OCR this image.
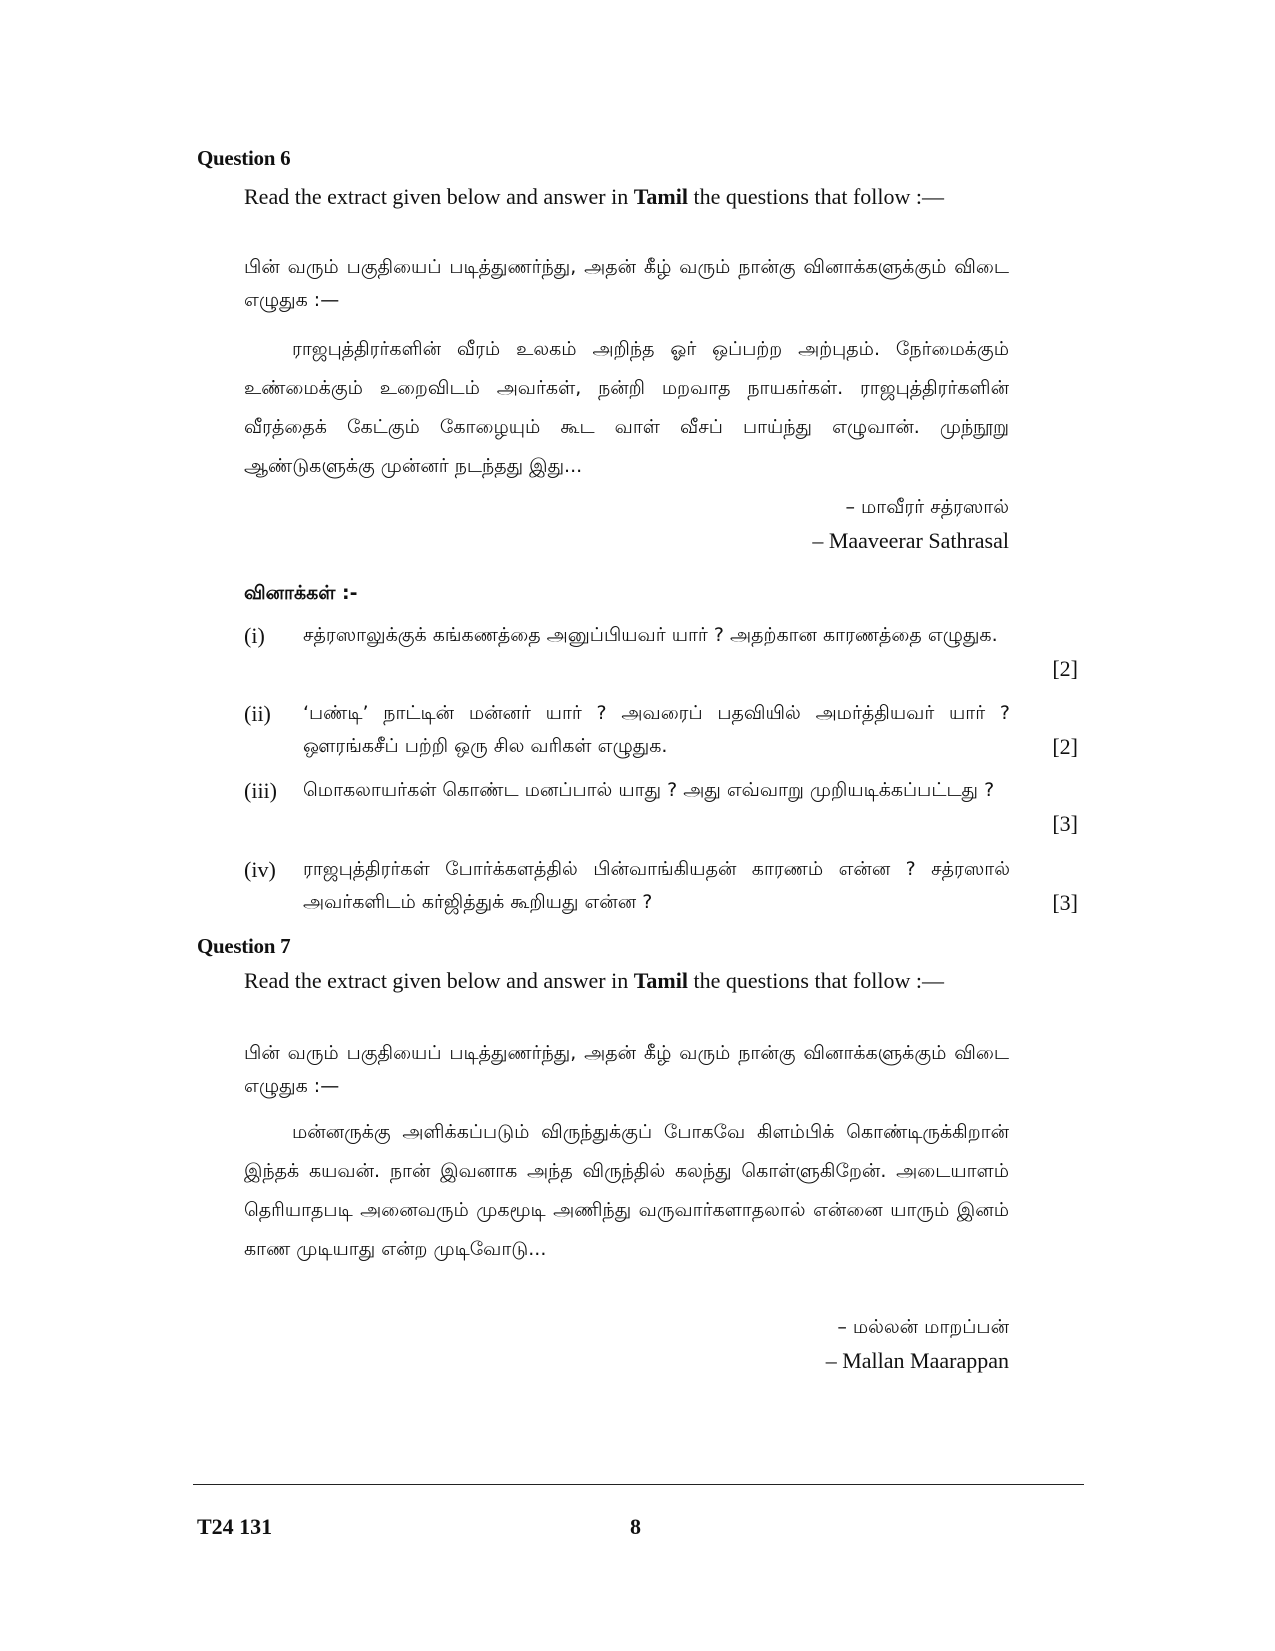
Question 6
Read the extract given below and answer in Tamil the questions that follow :—
பின் வரும் பகுதியைப் படித்துணர்ந்து, அதன் கீழ் வரும் நான்கு வினாக்களுக்கும் விடை எழுதுக :—
ராஜபுத்திரர்களின் வீரம் உலகம் அறிந்த ஓர் ஒப்பற்ற அற்புதம். நேர்மைக்கும் உண்மைக்கும் உறைவிடம் அவர்கள், நன்றி மறவாத நாயகர்கள். ராஜபுத்திரர்களின் வீரத்தைக் கேட்கும் கோழையும் கூட வாள் வீசப் பாய்ந்து எழுவான். முந்நூறு ஆண்டுகளுக்கு முன்னர் நடந்தது இது...
– மாவீரர் சத்ரஸால்
– Maaveerar Sathrasal
வினாக்கள் :-
(i) சத்ரஸாலுக்குக் கங்கணத்தை அனுப்பியவர் யார் ? அதற்கான காரணத்தை எழுதுக.
[2]
(ii) ‘பண்டி’ நாட்டின் மன்னர் யார் ? அவரைப் பதவியில் அமர்த்தியவர் யார் ? ஔரங்கசீப் பற்றி ஒரு சில வரிகள் எழுதுக.	[2]
(iii) மொகலாயர்கள் கொண்ட மனப்பால் யாது ? அது எவ்வாறு முறியடிக்கப்பட்டது ?
[3]
(iv) ராஜபுத்திரர்கள் போர்க்களத்தில் பின்வாங்கியதன் காரணம் என்ன ? சத்ரஸால் அவர்களிடம் கர்ஜித்துக் கூறியது என்ன ?	[3]
Question 7
Read the extract given below and answer in Tamil the questions that follow :—
பின் வரும் பகுதியைப் படித்துணர்ந்து, அதன் கீழ் வரும் நான்கு வினாக்களுக்கும் விடை எழுதுக :—
மன்னருக்கு அளிக்கப்படும் விருந்துக்குப் போகவே கிளம்பிக் கொண்டிருக்கிறான் இந்தக் கயவன். நான் இவனாக அந்த விருந்தில் கலந்து கொள்ளுகிறேன். அடையாளம் தெரியாதபடி அனைவரும் முகமூடி அணிந்து வருவார்களாதலால் என்னை யாரும் இனம் காண முடியாது என்ற முடிவோடு...
– மல்லன் மாறப்பன்
– Mallan Maarappan
T24 131	8
